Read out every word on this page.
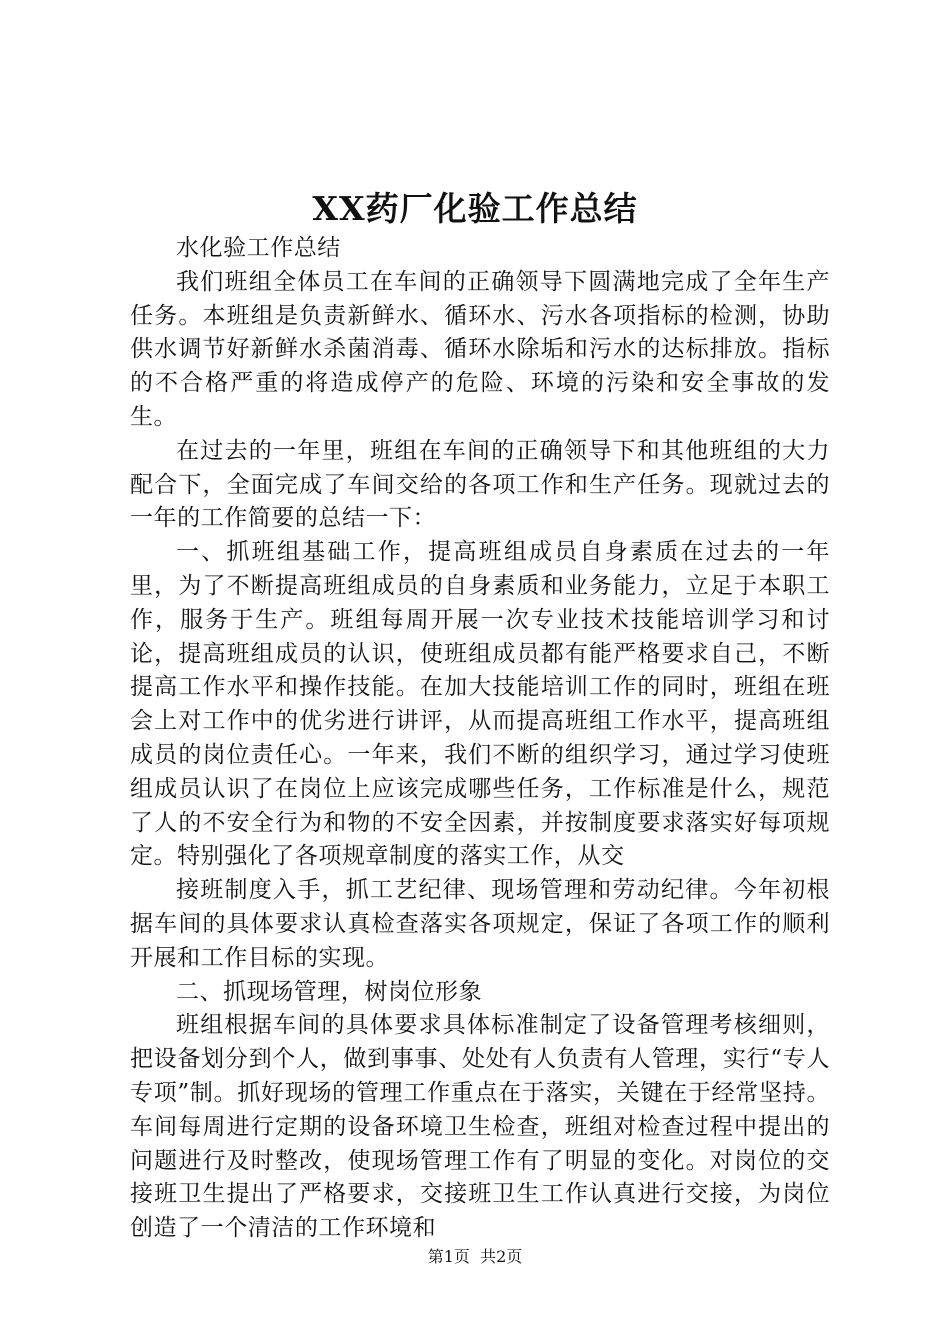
XX药厂化验工作总结

水化验工作总结

我们班组全体员工在车间的正确领导下圆满地完成了全年生产任务。本班组是负责新鲜水、循环水、污水各项指标的检测，协助供水调节好新鲜水杀菌消毒、循环水除垢和污水的达标排放。指标的不合格严重的将造成停产的危险、环境的污染和安全事故的发生。

在过去的一年里，班组在车间的正确领导下和其他班组的大力配合下，全面完成了车间交给的各项工作和生产任务。现就过去的一年的工作简要的总结一下：

一、抓班组基础工作，提高班组成员自身素质在过去的一年里，为了不断提高班组成员的自身素质和业务能力，立足于本职工作，服务于生产。班组每周开展一次专业技术技能培训学习和讨论，提高班组成员的认识，使班组成员都有能严格要求自己，不断提高工作水平和操作技能。在加大技能培训工作的同时，班组在班会上对工作中的优劣进行讲评，从而提高班组工作水平，提高班组成员的岗位责任心。一年来，我们不断的组织学习，通过学习使班组成员认识了在岗位上应该完成哪些任务，工作标准是什么，规范了人的不安全行为和物的不安全因素，并按制度要求落实好每项规定。特别强化了各项规章制度的落实工作，从交

接班制度入手，抓工艺纪律、现场管理和劳动纪律。今年初根据车间的具体要求认真检查落实各项规定，保证了各项工作的顺利开展和工作目标的实现。

二、抓现场管理，树岗位形象

班组根据车间的具体要求具体标准制定了设备管理考核细则，把设备划分到个人，做到事事、处处有人负责有人管理，实行“专人专项”制。抓好现场的管理工作重点在于落实，关键在于经常坚持。车间每周进行定期的设备环境卫生检查，班组对检查过程中提出的问题进行及时整改，使现场管理工作有了明显的变化。对岗位的交接班卫生提出了严格要求，交接班卫生工作认真进行交接，为岗位创造了一个清洁的工作环境和

第1页 共2页
